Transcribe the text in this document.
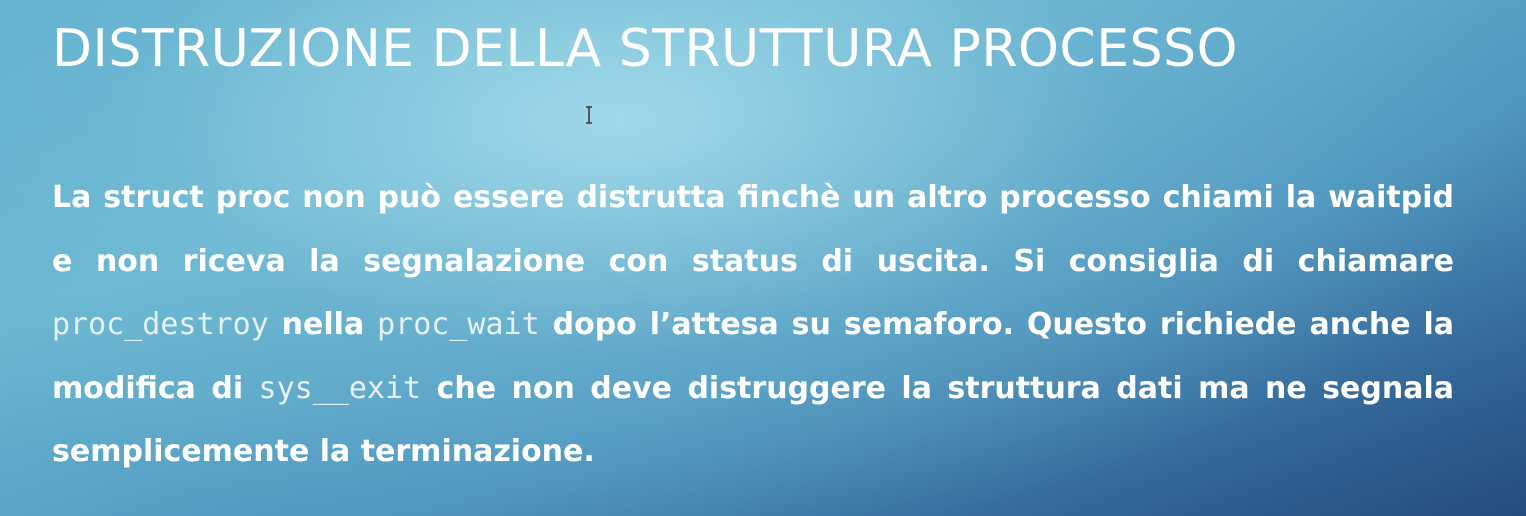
DISTRUZIONE DELLA STRUTTURA PROCESSO

La struct proc non può essere distrutta finchè un altro processo chiami la waitpid e non riceva la segnalazione con status di uscita. Si consiglia di chiamare proc_destroy nella proc_wait dopo l’attesa su semaforo. Questo richiede anche la modifica di sys__exit che non deve distruggere la struttura dati ma ne segnala semplicemente la terminazione.
